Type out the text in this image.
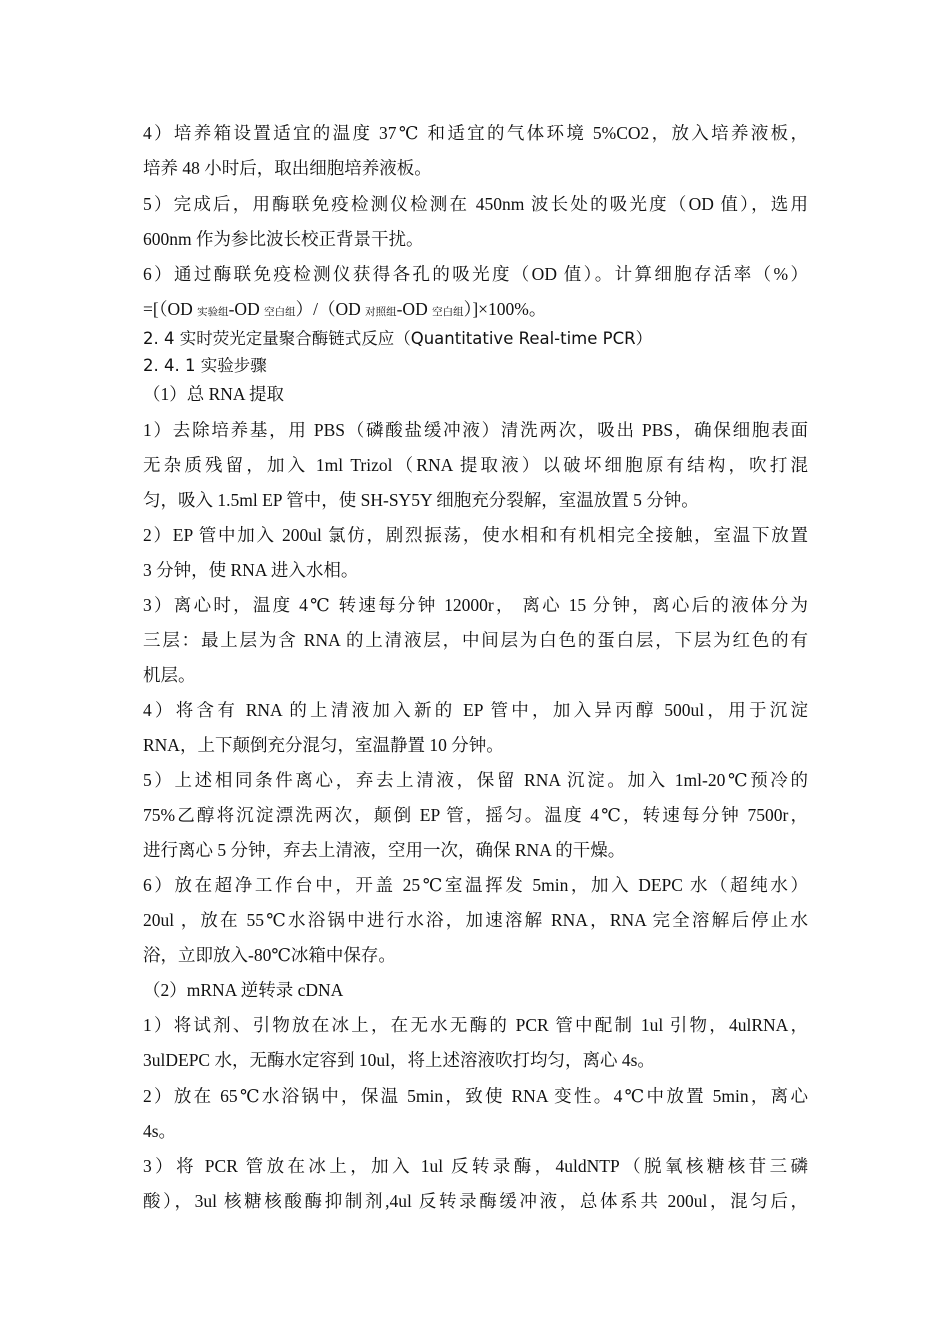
4）培养箱设置适宜的温度 37℃ 和适宜的气体环境 5%CO2，放入培养液板，
培养 48 小时后，取出细胞培养液板。
5）完成后，用酶联免疫检测仪检测在 450nm 波长处的吸光度（OD 值），选用
600nm 作为参比波长校正背景干扰。
6）通过酶联免疫检测仪获得各孔的吸光度（OD 值）。计算细胞存活率（%）
=[（OD 实验组-OD 空白组）/（OD 对照组-OD 空白组）]×100%。
2. 4 实时荧光定量聚合酶链式反应（Quantitative Real-time PCR）
2. 4. 1 实验步骤
（1）总 RNA 提取
1）去除培养基，用 PBS（磷酸盐缓冲液）清洗两次，吸出 PBS，确保细胞表面
无杂质残留，加入 1ml Trizol（RNA 提取液）以破坏细胞原有结构，吹打混
匀，吸入 1.5ml EP 管中，使 SH-SY5Y 细胞充分裂解，室温放置 5 分钟。
2）EP 管中加入 200ul 氯仿，剧烈振荡，使水相和有机相完全接触，室温下放置
3 分钟，使 RNA 进入水相。
3）离心时，温度 4℃ 转速每分钟 12000r， 离心 15 分钟，离心后的液体分为
三层：最上层为含 RNA 的上清液层，中间层为白色的蛋白层，下层为红色的有
机层。
4）将含有 RNA 的上清液加入新的 EP 管中，加入异丙醇 500ul，用于沉淀
RNA，上下颠倒充分混匀，室温静置 10 分钟。
5）上述相同条件离心，弃去上清液，保留 RNA 沉淀。加入 1ml-20℃预冷的
75%乙醇将沉淀漂洗两次，颠倒 EP 管，摇匀。温度 4℃，转速每分钟 7500r，
进行离心 5 分钟，弃去上清液，空用一次，确保 RNA 的干燥。
6）放在超净工作台中，开盖 25℃室温挥发 5min，加入 DEPC 水（超纯水）
20ul ，放在 55℃水浴锅中进行水浴，加速溶解 RNA，RNA 完全溶解后停止水
浴，立即放入-80℃冰箱中保存。
（2）mRNA 逆转录 cDNA
1）将试剂、引物放在冰上，在无水无酶的 PCR 管中配制 1ul 引物，4ulRNA，
3ulDEPC 水，无酶水定容到 10ul，将上述溶液吹打均匀，离心 4s。
2）放在 65℃水浴锅中，保温 5min，致使 RNA 变性。4℃中放置 5min，离心
4s。
3）将 PCR 管放在冰上，加入 1ul 反转录酶，4uldNTP（脱氧核糖核苷三磷
酸），3ul 核糖核酸酶抑制剂,4ul 反转录酶缓冲液，总体系共 200ul，混匀后，
